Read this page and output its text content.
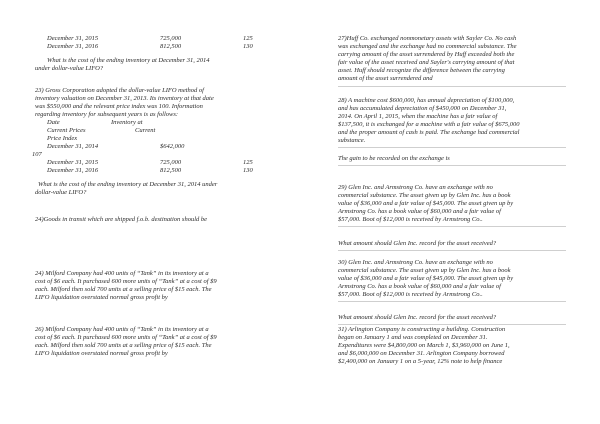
December 31, 2015	725,000	125
December 31, 2016	812,500	130
What is the cost of the ending inventory at December 31, 2014
under dollar-value LIFO?
23) Gross Corporation adopted the dollar-value LIFO method of
inventory valuation on December 31, 2013. Its inventory at that date
was $550,000 and the relevant price index was 100. Information
regarding inventory for subsequent years is as follows:
Date	Inventory at
Current Prices	Current
Price Index
December 31, 2014	$642,000
107
December 31, 2015	725,000	125
December 31, 2016	812,500	130
What is the cost of the ending inventory at December 31, 2014 under
dollar-value LIFO?
24)Goods in transit which are shipped f.o.b. destination should be
24) Milford Company had 400 units of “Tank” in its inventory at a
cost of $6 each. It purchased 600 more units of “Tank” at a cost of $9
each. Milford then sold 700 units at a selling price of $15 each. The
LIFO liquidation overstated normal gross profit by
26) Milford Company had 400 units of “Tank” in its inventory at a
cost of $6 each. It purchased 600 more units of “Tank” at a cost of $9
each. Milford then sold 700 units at a selling price of $15 each. The
LIFO liquidation overstated normal gross profit by
27)Huff Co. exchanged nonmonetary assets with Sayler Co. No cash
was exchanged and the exchange had no commercial substance. The
carrying amount of the asset surrendered by Huff exceeded both the
fair value of the asset received and Sayler's carrying amount of that
asset. Huff should recognize the difference between the carrying
amount of the asset surrendered and
28) A machine cost $600,000, has annual depreciation of $100,000,
and has accumulated depreciation of $450,000 on December 31,
2014. On April 1, 2015, when the machine has a fair value of
$137,500, it is exchanged for a machine with a fair value of $675,000
and the proper amount of cash is paid. The exchange had commercial
substance.
The gain to be recorded on the exchange is
29) Glen Inc. and Armstrong Co. have an exchange with no
commercial substance. The asset given up by Glen Inc. has a book
value of $36,000 and a fair value of $45,000. The asset given up by
Armstrong Co. has a book value of $60,000 and a fair value of
$57,000. Boot of $12,000 is received by Armstrong Co..
What amount should Glen Inc. record for the asset received?
30) Glen Inc. and Armstrong Co. have an exchange with no
commercial substance. The asset given up by Glen Inc. has a book
value of $36,000 and a fair value of $45,000. The asset given up by
Armstrong Co. has a book value of $60,000 and a fair value of
$57,000. Boot of $12,000 is received by Armstrong Co..
What amount should Glen Inc. record for the asset received?
31) Arlington Company is constructing a building. Construction
began on January 1 and was completed on December 31.
Expenditures were $4,800,000 on March 1, $3,960,000 on June 1,
and $6,000,000 on December 31. Arlington Company borrowed
$2,400,000 on January 1 on a 5-year, 12% note to help finance
